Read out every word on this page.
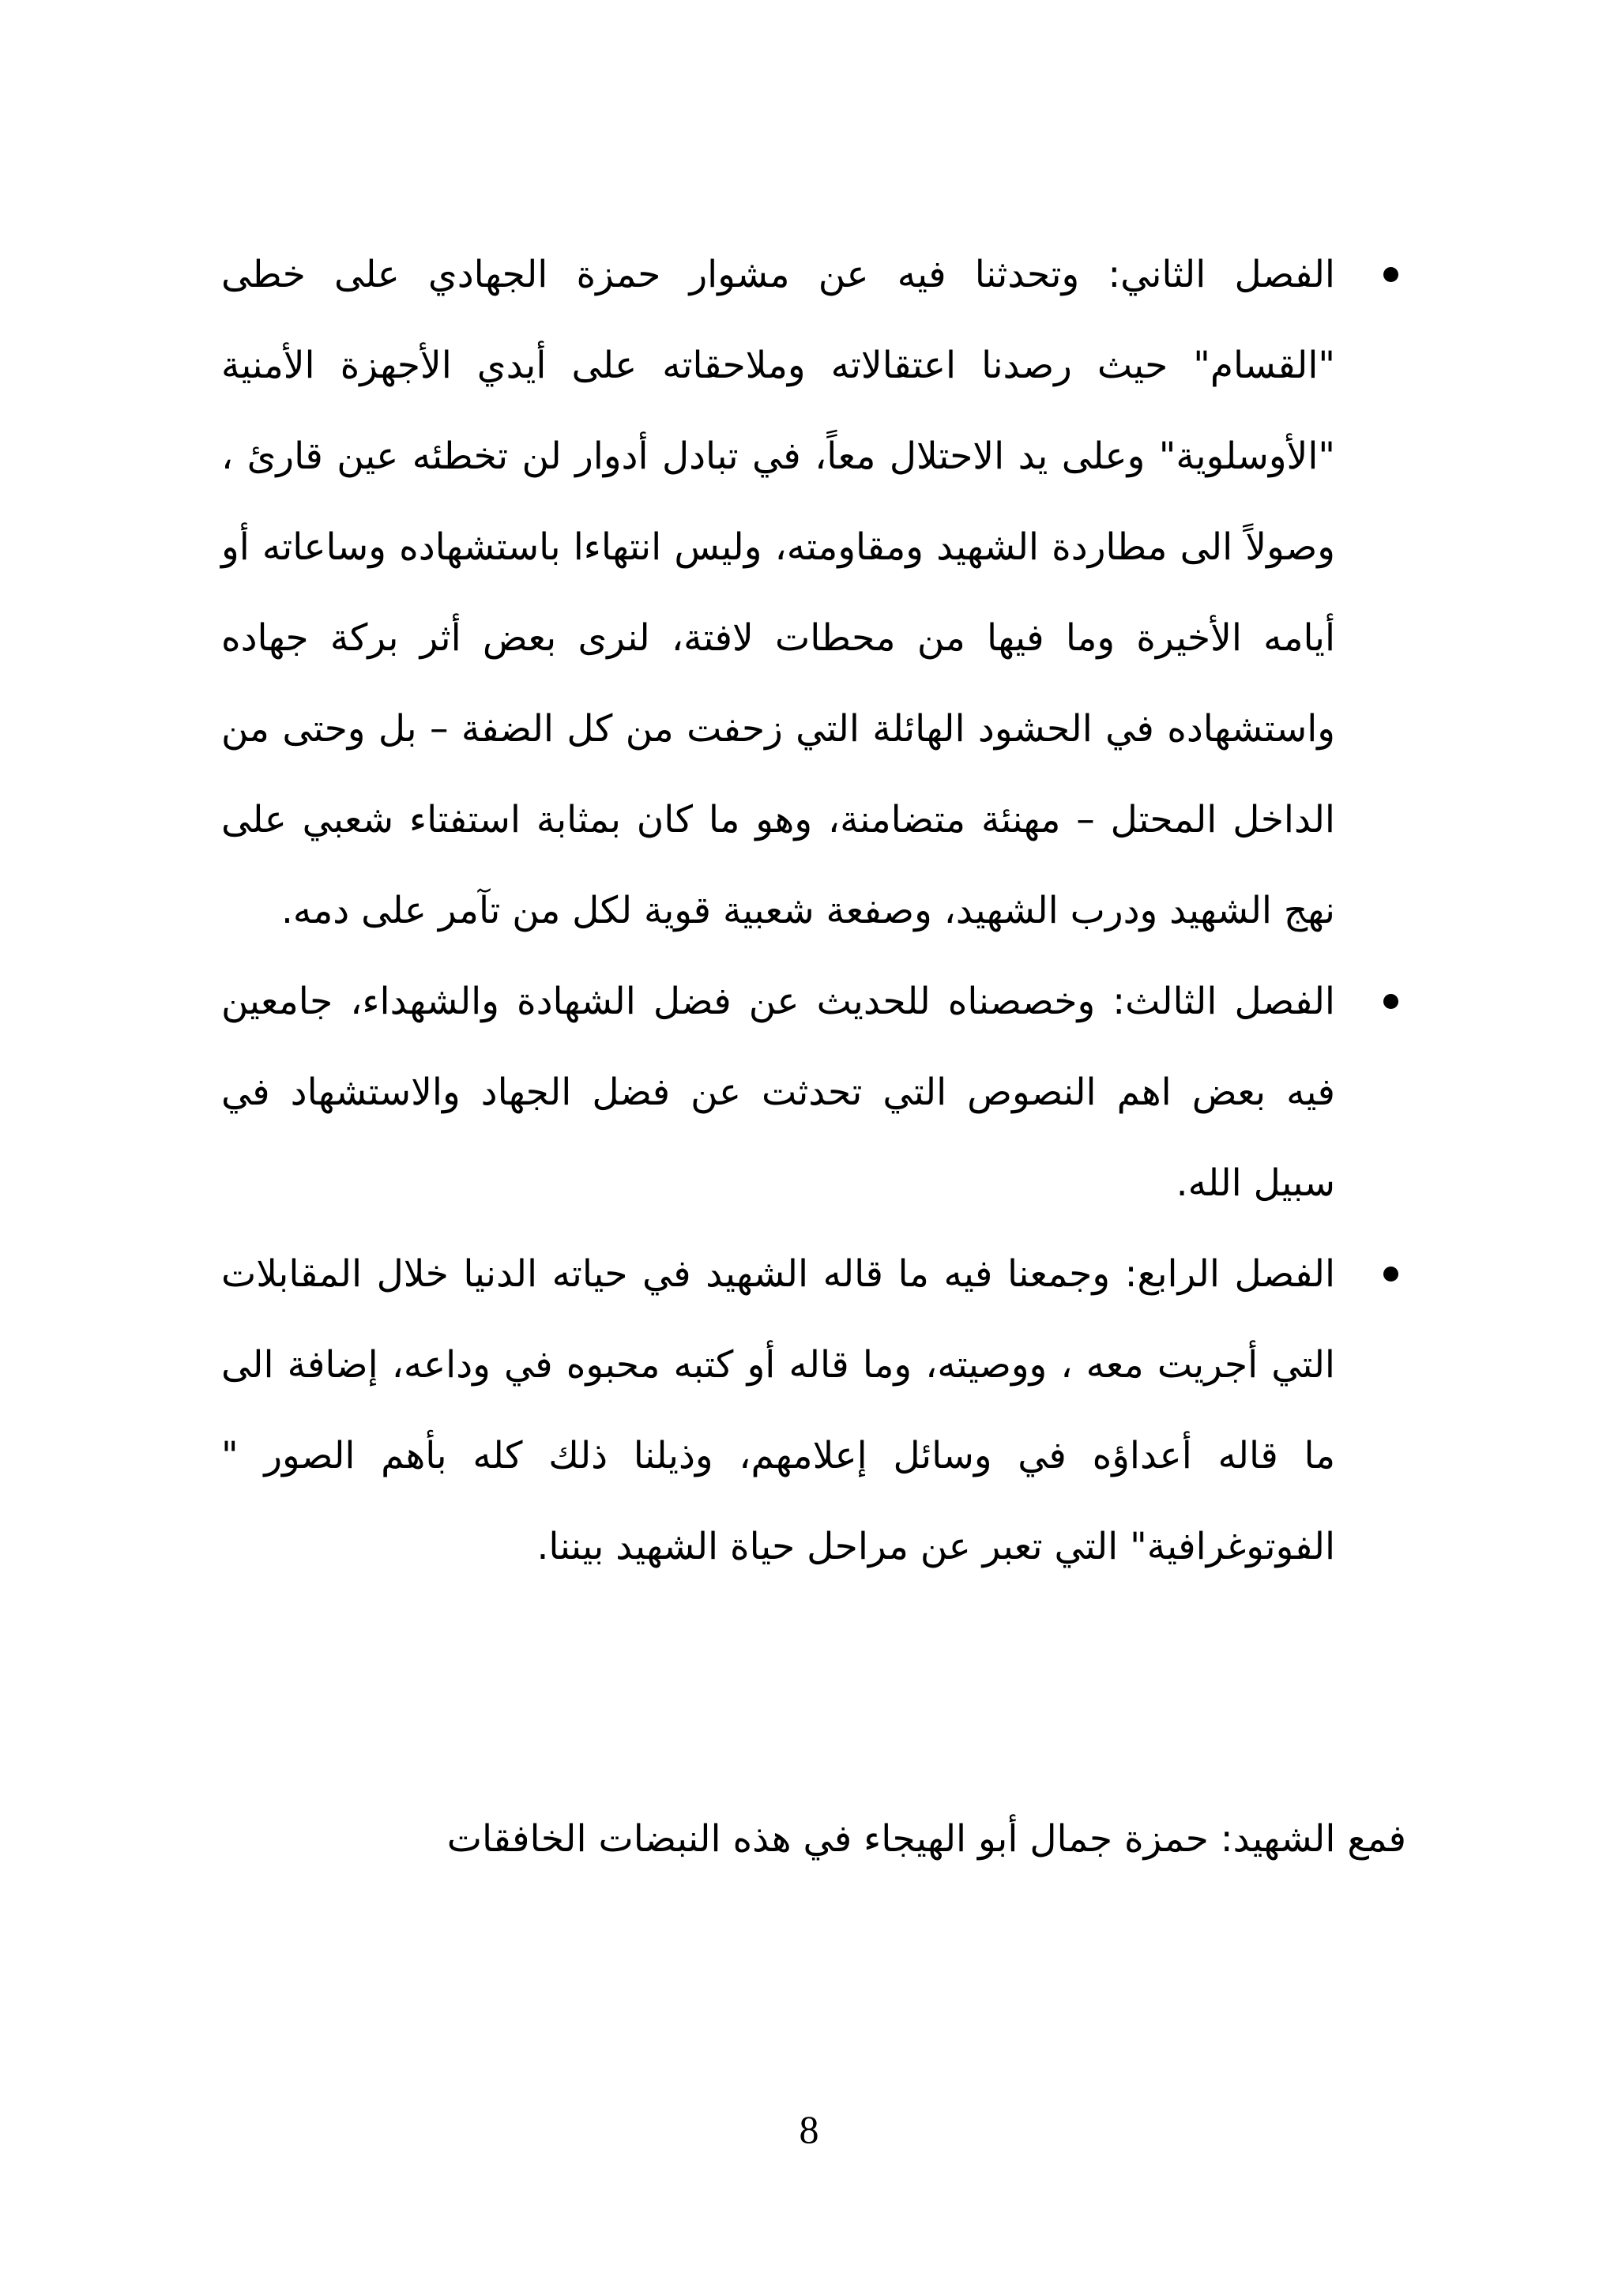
الفصل الثاني: وتحدثنا فيه عن مشوار حمزة الجهادي على خطى "القسام" حيث رصدنا اعتقالاته وملاحقاته على أيدي الأجهزة الأمنية "الأوسلوية" وعلى يد الاحتلال معاً، في تبادل أدوار لن تخطئه عين قارئ ، وصولاً الى مطاردة الشهيد ومقاومته، وليس انتهاءا باستشهاده وساعاته أو أيامه الأخيرة وما فيها من محطات لافتة، لنرى بعض أثر بركة جهاده واستشهاده في الحشود الهائلة التي زحفت من كل الضفة – بل وحتى من الداخل المحتل – مهنئة متضامنة، وهو ما كان بمثابة استفتاء شعبي على نهج الشهيد ودرب الشهيد، وصفعة شعبية قوية لكل من تآمر على دمه.
الفصل الثالث: وخصصناه للحديث عن فضل الشهادة والشهداء، جامعين فيه بعض اهم النصوص التي تحدثت عن فضل الجهاد والاستشهاد في سبيل الله.
الفصل الرابع: وجمعنا فيه ما قاله الشهيد في حياته الدنيا خلال المقابلات التي أجريت معه ، ووصيته، وما قاله أو كتبه محبوه في وداعه، إضافة الى ما قاله أعداؤه في وسائل إعلامهم، وذيلنا ذلك كله بأهم الصور " الفوتوغرافية" التي تعبر عن مراحل حياة الشهيد بيننا.

فمع الشهيد: حمزة جمال أبو الهيجاء في هذه النبضات الخافقات

8
